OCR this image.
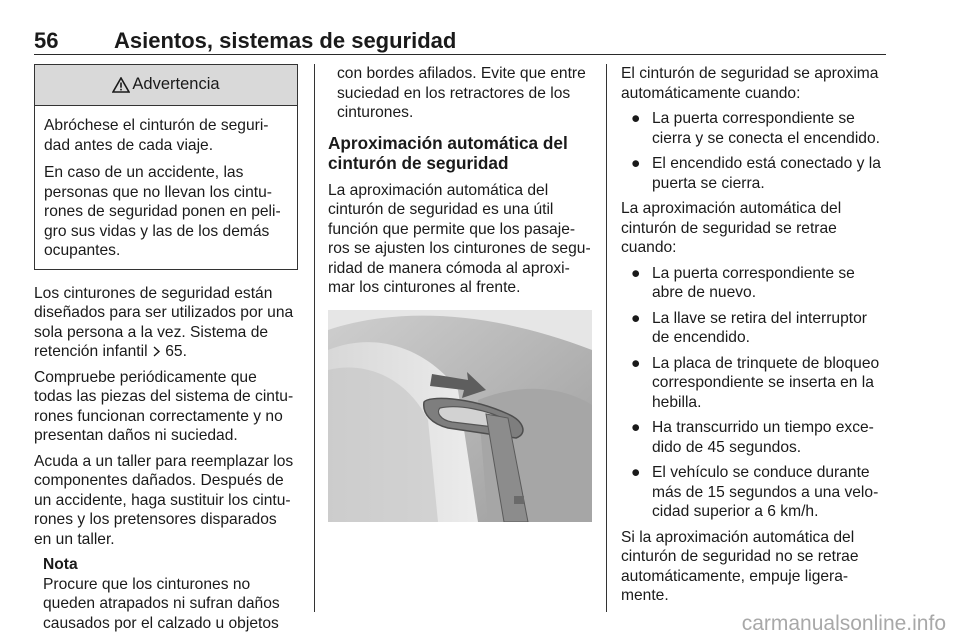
56	Asientos, sistemas de seguridad
Advertencia

Abróchese el cinturón de seguri-dad antes de cada viaje.

En caso de un accidente, las personas que no llevan los cintu-rones de seguridad ponen en peli-gro sus vidas y las de los demás ocupantes.

Los cinturones de seguridad están diseñados para ser utilizados por una sola persona a la vez. Sistema de retención infantil  65.

Compruebe periódicamente que todas las piezas del sistema de cintu-rones funcionan correctamente y no presentan daños ni suciedad.

Acuda a un taller para reemplazar los componentes dañados. Después de un accidente, haga sustituir los cintu-rones y los pretensores disparados en un taller.

Nota
Procure que los cinturones no queden atrapados ni sufran daños causados por el calzado u objetos

con bordes afilados. Evite que entre suciedad en los retractores de los cinturones.

Aproximación automática del cinturón de seguridad

La aproximación automática del cinturón de seguridad es una útil función que permite que los pasaje-ros se ajusten los cinturones de segu-ridad de manera cómoda al aproxi-mar los cinturones al frente.

El cinturón de seguridad se aproxima automáticamente cuando:

● La puerta correspondiente se cierra y se conecta el encendido.
● El encendido está conectado y la puerta se cierra.

La aproximación automática del cinturón de seguridad se retrae cuando:

● La puerta correspondiente se abre de nuevo.
● La llave se retira del interruptor de encendido.
● La placa de trinquete de bloqueo correspondiente se inserta en la hebilla.
● Ha transcurrido un tiempo exce-dido de 45 segundos.
● El vehículo se conduce durante más de 15 segundos a una velo-cidad superior a 6 km/h.

Si la aproximación automática del cinturón de seguridad no se retrae automáticamente, empuje ligera-mente.

carmanualsonline.info
